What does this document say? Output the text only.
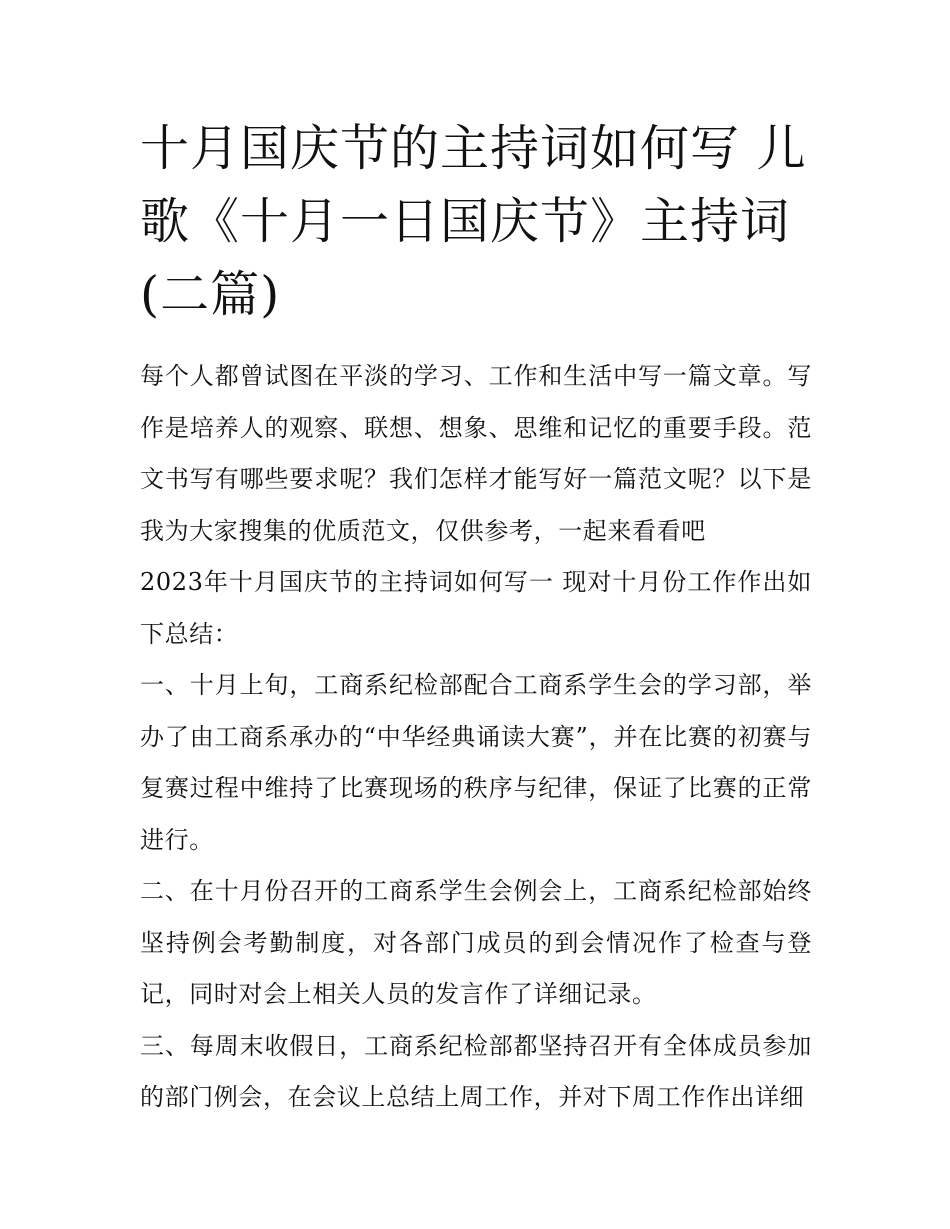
十月国庆节的主持词如何写 儿歌《十月一日国庆节》主持词(二篇)

每个人都曾试图在平淡的学习、工作和生活中写一篇文章。写作是培养人的观察、联想、想象、思维和记忆的重要手段。范文书写有哪些要求呢？我们怎样才能写好一篇范文呢？以下是我为大家搜集的优质范文，仅供参考，一起来看看吧

2023年十月国庆节的主持词如何写一 现对十月份工作作出如下总结：

一、十月上旬，工商系纪检部配合工商系学生会的学习部，举办了由工商系承办的“中华经典诵读大赛”，并在比赛的初赛与复赛过程中维持了比赛现场的秩序与纪律，保证了比赛的正常进行。

二、在十月份召开的工商系学生会例会上，工商系纪检部始终坚持例会考勤制度，对各部门成员的到会情况作了检查与登记，同时对会上相关人员的发言作了详细记录。

三、每周末收假日，工商系纪检部都坚持召开有全体成员参加的部门例会，在会议上总结上周工作，并对下周工作作出详细
